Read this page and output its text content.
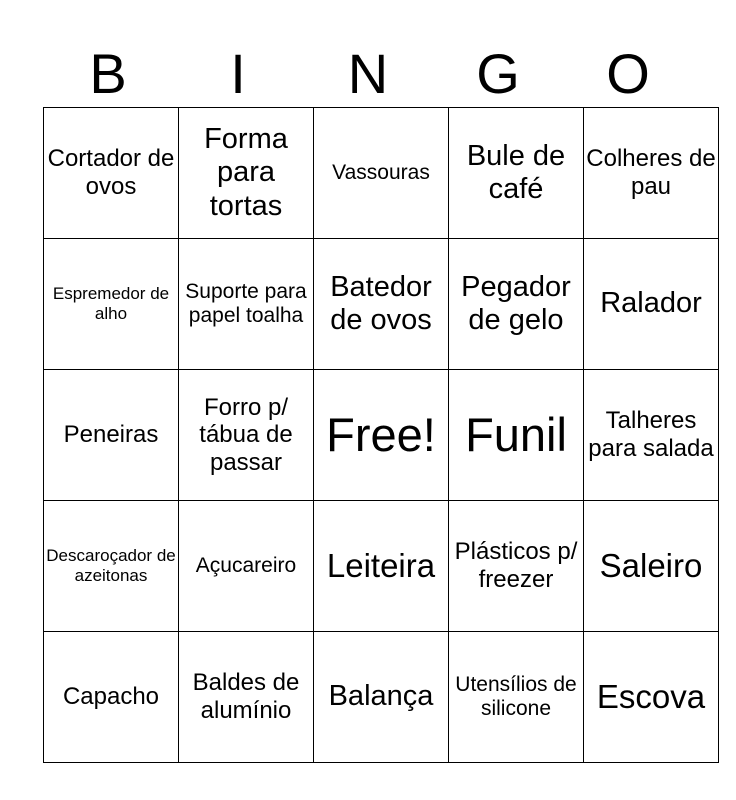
B	I	N	G	O
Cortador de ovos	Forma para tortas	Vassouras	Bule de café	Colheres de pau
Espremedor de alho	Suporte para papel toalha	Batedor de ovos	Pegador de gelo	Ralador
Peneiras	Forro p/ tábua de passar	Free!	Funil	Talheres para salada
Descaroçador de azeitonas	Açucareiro	Leiteira	Plásticos p/ freezer	Saleiro
Capacho	Baldes de alumínio	Balança	Utensílios de silicone	Escova
